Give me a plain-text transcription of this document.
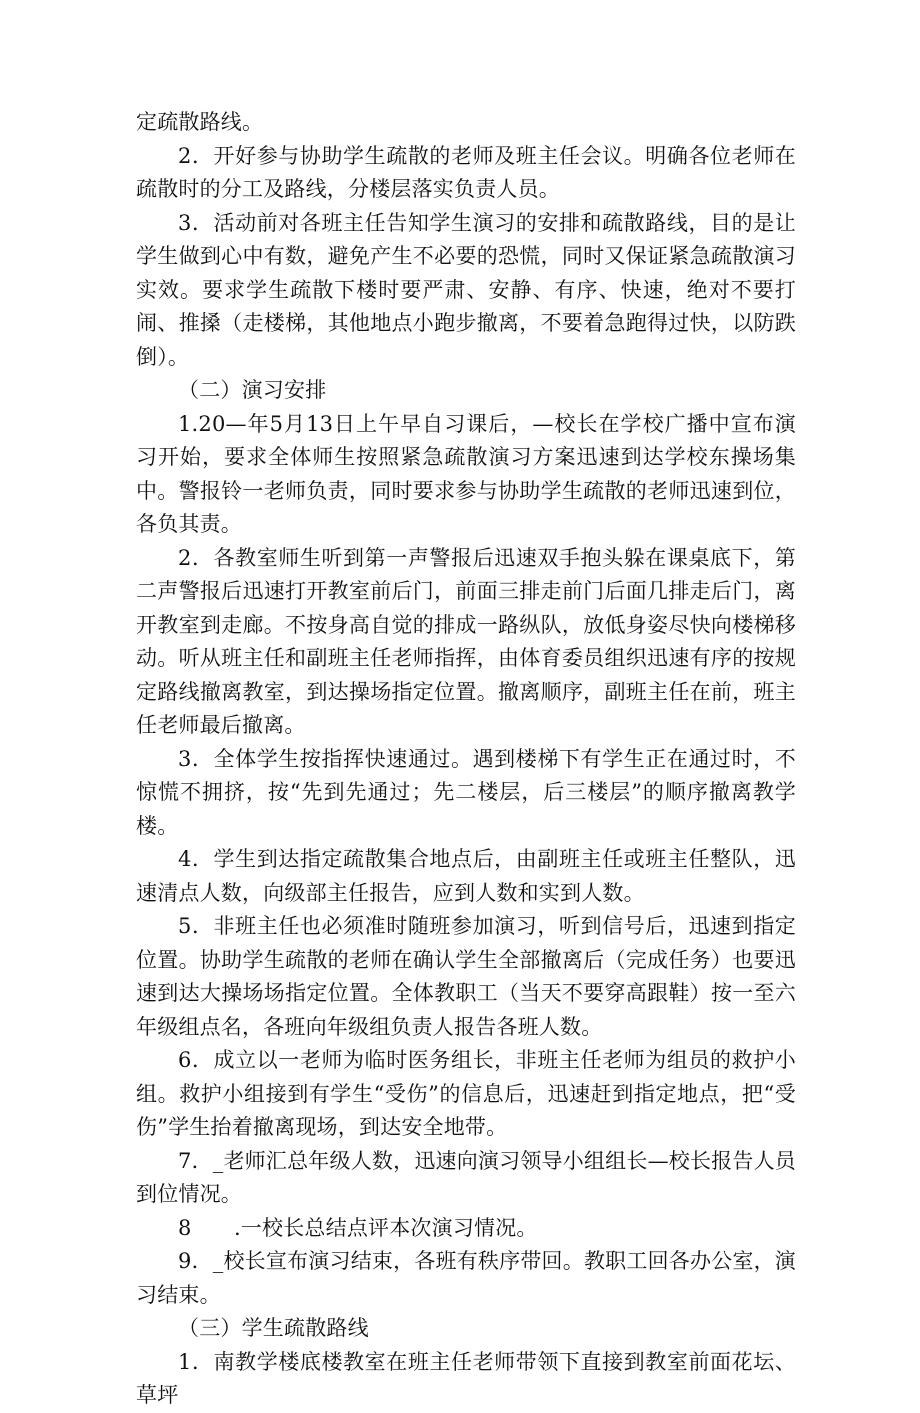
定疏散路线。

2．开好参与协助学生疏散的老师及班主任会议。明确各位老师在疏散时的分工及路线，分楼层落实负责人员。

3．活动前对各班主任告知学生演习的安排和疏散路线，目的是让学生做到心中有数，避免产生不必要的恐慌，同时又保证紧急疏散演习实效。要求学生疏散下楼时要严肃、安静、有序、快速，绝对不要打闹、推搡（走楼梯，其他地点小跑步撤离，不要着急跑得过快，以防跌倒）。

（二）演习安排

1.20—年5月13日上午早自习课后，—校长在学校广播中宣布演习开始，要求全体师生按照紧急疏散演习方案迅速到达学校东操场集中。警报铃一老师负责，同时要求参与协助学生疏散的老师迅速到位，各负其责。

2．各教室师生听到第一声警报后迅速双手抱头躲在课桌底下，第二声警报后迅速打开教室前后门，前面三排走前门后面几排走后门，离开教室到走廊。不按身高自觉的排成一路纵队，放低身姿尽快向楼梯移动。听从班主任和副班主任老师指挥，由体育委员组织迅速有序的按规定路线撤离教室，到达操场指定位置。撤离顺序，副班主任在前，班主任老师最后撤离。

3．全体学生按指挥快速通过。遇到楼梯下有学生正在通过时，不惊慌不拥挤，按“先到先通过；先二楼层，后三楼层”的顺序撤离教学楼。

4．学生到达指定疏散集合地点后，由副班主任或班主任整队，迅速清点人数，向级部主任报告，应到人数和实到人数。

5．非班主任也必须准时随班参加演习，听到信号后，迅速到指定位置。协助学生疏散的老师在确认学生全部撤离后（完成任务）也要迅速到达大操场场指定位置。全体教职工（当天不要穿高跟鞋）按一至六年级组点名，各班向年级组负责人报告各班人数。

6．成立以一老师为临时医务组长，非班主任老师为组员的救护小组。救护小组接到有学生“受伤”的信息后，迅速赶到指定地点，把“受伤”学生抬着撤离现场，到达安全地带。

7．_老师汇总年级人数，迅速向演习领导小组组长—校长报告人员到位情况。

8　　.一校长总结点评本次演习情况。

9．_校长宣布演习结束，各班有秩序带回。教职工回各办公室，演习结束。

（三）学生疏散路线

1．南教学楼底楼教室在班主任老师带领下直接到教室前面花坛、草坪
